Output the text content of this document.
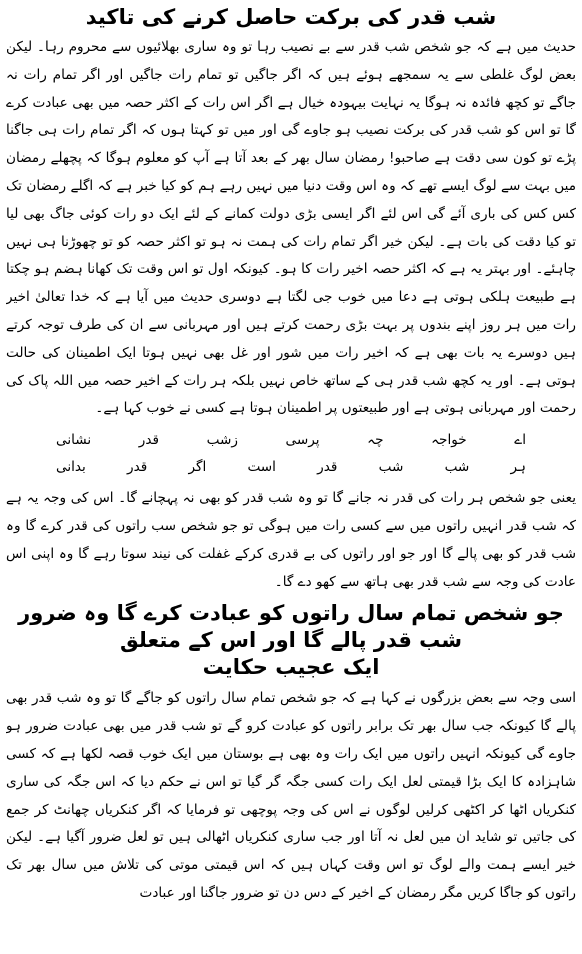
شب قدر کی برکت حاصل کرنے کی تاکید

حدیث میں ہے کہ جو شخص شب قدر سے بے نصیب رہا تو وہ ساری بھلائیوں سے محروم رہا۔ لیکن بعض لوگ غلطی سے یہ سمجھے ہوئے ہیں کہ اگر جاگیں تو تمام رات جاگیں اور اگر تمام رات نہ جاگے تو کچھ فائدہ نہ ہوگا یہ نہایت بیہودہ خیال ہے اگر اس رات کے اکثر حصہ میں بھی عبادت کرے گا تو اس کو شب قدر کی برکت نصیب ہو جاوے گی اور میں تو کہتا ہوں کہ اگر تمام رات ہی جاگنا پڑے تو کون سی دقت ہے صاحبو! رمضان سال بھر کے بعد آتا ہے آپ کو معلوم ہوگا کہ پچھلے رمضان میں بہت سے لوگ ایسے تھے کہ وہ اس وقت دنیا میں نہیں رہے ہم کو کیا خبر ہے کہ اگلے رمضان تک کس کس کی باری آئے گی اس لئے اگر ایسی بڑی دولت کمانے کے لئے ایک دو رات کوئی جاگ بھی لیا تو کیا دقت کی بات ہے۔ لیکن خیر اگر تمام رات کی ہمت نہ ہو تو اکثر حصہ کو تو چھوڑنا ہی نہیں چاہئے۔ اور بہتر یہ ہے کہ اکثر حصہ اخیر رات کا ہو۔ کیونکہ اول تو اس وقت تک کھانا ہضم ہو چکتا ہے طبیعت ہلکی ہوتی ہے دعا میں خوب جی لگتا ہے دوسری حدیث میں آیا ہے کہ خدا تعالیٰ اخیر رات میں ہر روز اپنے بندوں پر بہت بڑی رحمت کرتے ہیں اور مہربانی سے ان کی طرف توجہ کرتے ہیں دوسرے یہ بات بھی ہے کہ اخیر رات میں شور اور غل بھی نہیں ہوتا ایک اطمینان کی حالت ہوتی ہے۔ اور یہ کچھ شب قدر ہی کے ساتھ خاص نہیں بلکہ ہر رات کے اخیر حصہ میں اللہ پاک کی رحمت اور مہربانی ہوتی ہے اور طبیعتوں پر اطمینان ہوتا ہے کسی نے خوب کہا ہے۔

اے
خواجہ
چہ
پرسی
زشب
قدر
نشانی
ہر
شب
شب
قدر
است
اگر
قدر
بدانی

یعنی جو شخص ہر رات کی قدر نہ جانے گا تو وہ شب قدر کو بھی نہ پہچانے گا۔ اس کی وجہ یہ ہے کہ شب قدر انہیں راتوں میں سے کسی رات میں ہوگی تو جو شخص سب راتوں کی قدر کرے گا وہ شب قدر کو بھی پالے گا اور جو اور راتوں کی بے قدری کرکے غفلت کی نیند سوتا رہے گا وہ اپنی اس عادت کی وجہ سے شب قدر بھی ہاتھ سے کھو دے گا۔

جو شخص تمام سال راتوں کو عبادت کرے گا وہ ضرور شب قدر پالے گا اور اس کے متعلق
ایک عجیب حکایت

اسی وجہ سے بعض بزرگوں نے کہا ہے کہ جو شخص تمام سال راتوں کو جاگے گا تو وہ شب قدر بھی پالے گا کیونکہ جب سال بھر تک برابر راتوں کو عبادت کرو گے تو شب قدر میں بھی عبادت ضرور ہو جاوے گی کیونکہ انہیں راتوں میں ایک رات وہ بھی ہے بوستان میں ایک خوب قصہ لکھا ہے کہ کسی شاہزادہ کا ایک بڑا قیمتی لعل ایک رات کسی جگہ گر گیا تو اس نے حکم دیا کہ اس جگہ کی ساری کنکریاں اٹھا کر اکٹھی کرلیں لوگوں نے اس کی وجہ پوچھی تو فرمایا کہ اگر کنکریاں چھانٹ کر جمع کی جاتیں تو شاید ان میں لعل نہ آتا اور جب ساری کنکریاں اٹھالی ہیں تو لعل ضرور آگیا ہے۔ لیکن خیر ایسے ہمت والے لوگ تو اس وقت کہاں ہیں کہ اس قیمتی موتی کی تلاش میں سال بھر تک راتوں کو جاگا کریں مگر رمضان کے اخیر کے دس دن تو ضرور جاگنا اور عبادت
